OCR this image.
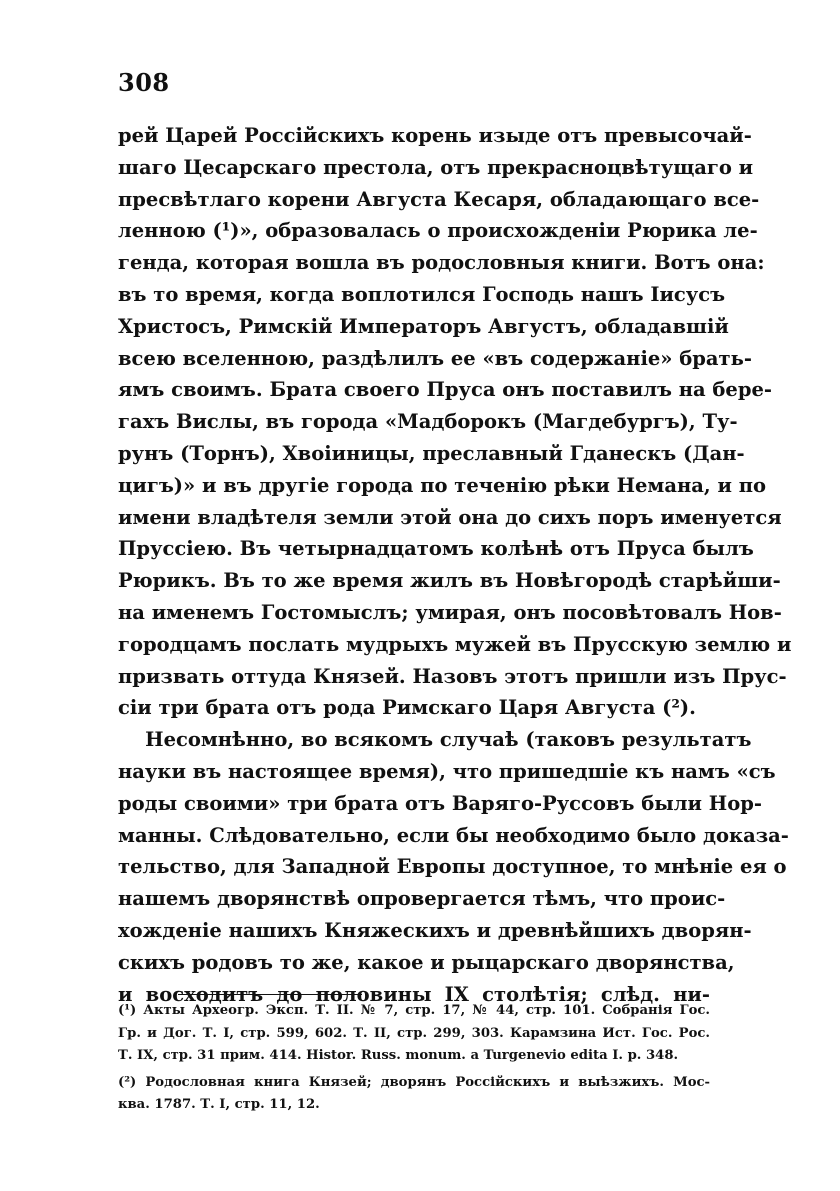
308
рей Царей Россійскихъ корень изыде отъ превысочай-
шаго Цесарскаго престола, отъ прекрасноцвѣтущаго и
пресвѣтлаго корени Августа Кесаря, обладающаго все-
ленною (¹)», образовалась о происхожденіи Рюрика ле-
генда, которая вошла въ родословныя книги. Вотъ она:
въ то время, когда воплотился Господь нашъ Іисусъ
Христосъ, Римскій Императоръ Августъ, обладавшій
всею вселенною, раздѣлилъ ее «въ содержаніе» брать-
ямъ своимъ. Брата своего Пруса онъ поставилъ на бере-
гахъ Вислы, въ города «Мадборокъ (Магдебургъ), Ту-
рунъ (Торнъ), Хвоіиницы, преславный Гданескъ (Дан-
цигъ)» и въ другіе города по теченію рѣки Немана, и по
имени владѣтеля земли этой она до сихъ поръ именуется
Пруссіею. Въ четырнадцатомъ колѣнѣ отъ Пруса былъ
Рюрикъ. Въ то же время жилъ въ Новѣгородѣ старѣйши-
на именемъ Гостомыслъ; умирая, онъ посовѣтовалъ Нов-
городцамъ послать мудрыхъ мужей въ Прусскую землю и
призвать оттуда Князей. Назовъ этотъ пришли изъ Прус-
сіи три брата отъ рода Римскаго Царя Августа (²).
Несомнѣнно, во всякомъ случаѣ (таковъ результатъ
науки въ настоящее время), что пришедшіе къ намъ «съ
роды своими» три брата отъ Варяго-Руссовъ были Нор-
манны. Слѣдовательно, если бы необходимо было доказа-
тельство, для Западной Европы доступное, то мнѣніе ея о
нашемъ дворянствѣ опровергается тѣмъ, что проис-
хожденіе нашихъ Княжескихъ и древнѣйшихъ дворян-
скихъ родовъ то же, какое и рыцарскаго дворянства,
и восходитъ до половины IX столѣтія; слѣд. ни-
(¹) Акты Археогр. Эксп. Т. II. № 7, стр. 17, № 44, стр. 101. Собранія Гос.
Гр. и Дог. Т. I, стр. 599, 602. Т. II, стр. 299, 303. Карамзина Ист. Гос. Рос.
Т. IX, стр. 31 прим. 414. Histor. Russ. monum. a Turgenevio edita I. p. 348.
(²) Родословная книга Князей; дворянъ Россійскихъ и выѣзжихъ. Мос-
ква. 1787. Т. I, стр. 11, 12.
